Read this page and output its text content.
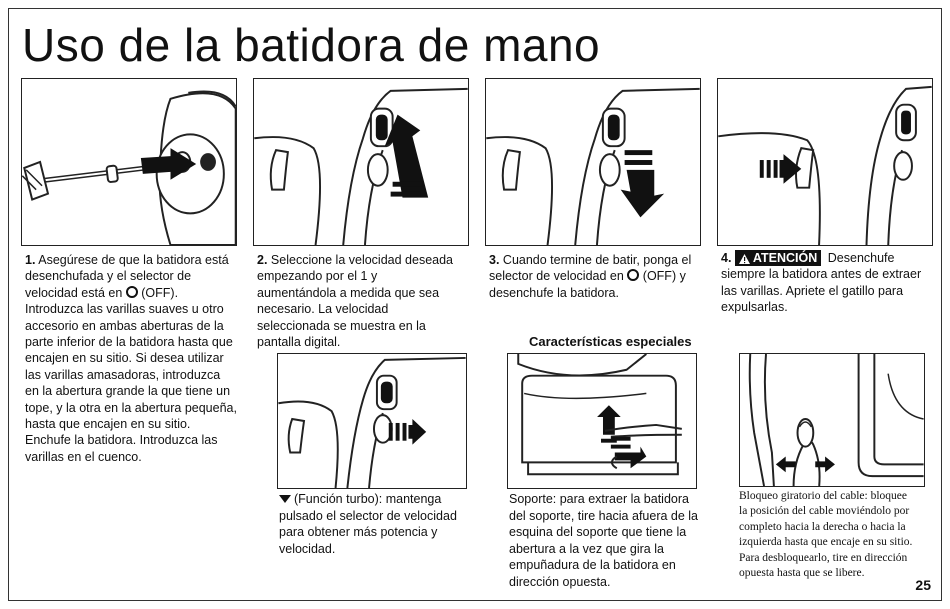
Uso de la batidora de mano
1. Asegúrese de que la batidora está desenchufada y el selector de velocidad está en (OFF). Introduzca las varillas suaves u otro accesorio en ambas aberturas de la parte inferior de la batidora hasta que encajen en su sitio. Si desea utilizar las varillas amasadoras, introduzca en la abertura grande la que tiene un tope, y la otra en la abertura pequeña, hasta que encajen en su sitio. Enchufe la batidora. Introduzca las varillas en el cuenco.
2. Seleccione la velocidad deseada empezando por el 1 y aumentándola a medida que sea necesario. La velocidad seleccionada se muestra en la pantalla digital.
3. Cuando termine de batir, ponga el selector de velocidad en (OFF) y desenchufe la batidora.
4. ATENCIÓN Desenchufe siempre la batidora antes de extraer las varillas. Apriete el gatillo para expulsarlas.
Características especiales
(Función turbo): mantenga pulsado el selector de velocidad para obtener más potencia y velocidad.
Soporte: para extraer la batidora del soporte, tire hacia afuera de la esquina del soporte que tiene la abertura a la vez que gira la empuñadura de la batidora en dirección opuesta.
Bloqueo giratorio del cable: bloquee la posición del cable moviéndolo por completo hacia la derecha o hacia la izquierda hasta que encaje en su sitio. Para desbloquearlo, tire en dirección opuesta hasta que se libere.
25
